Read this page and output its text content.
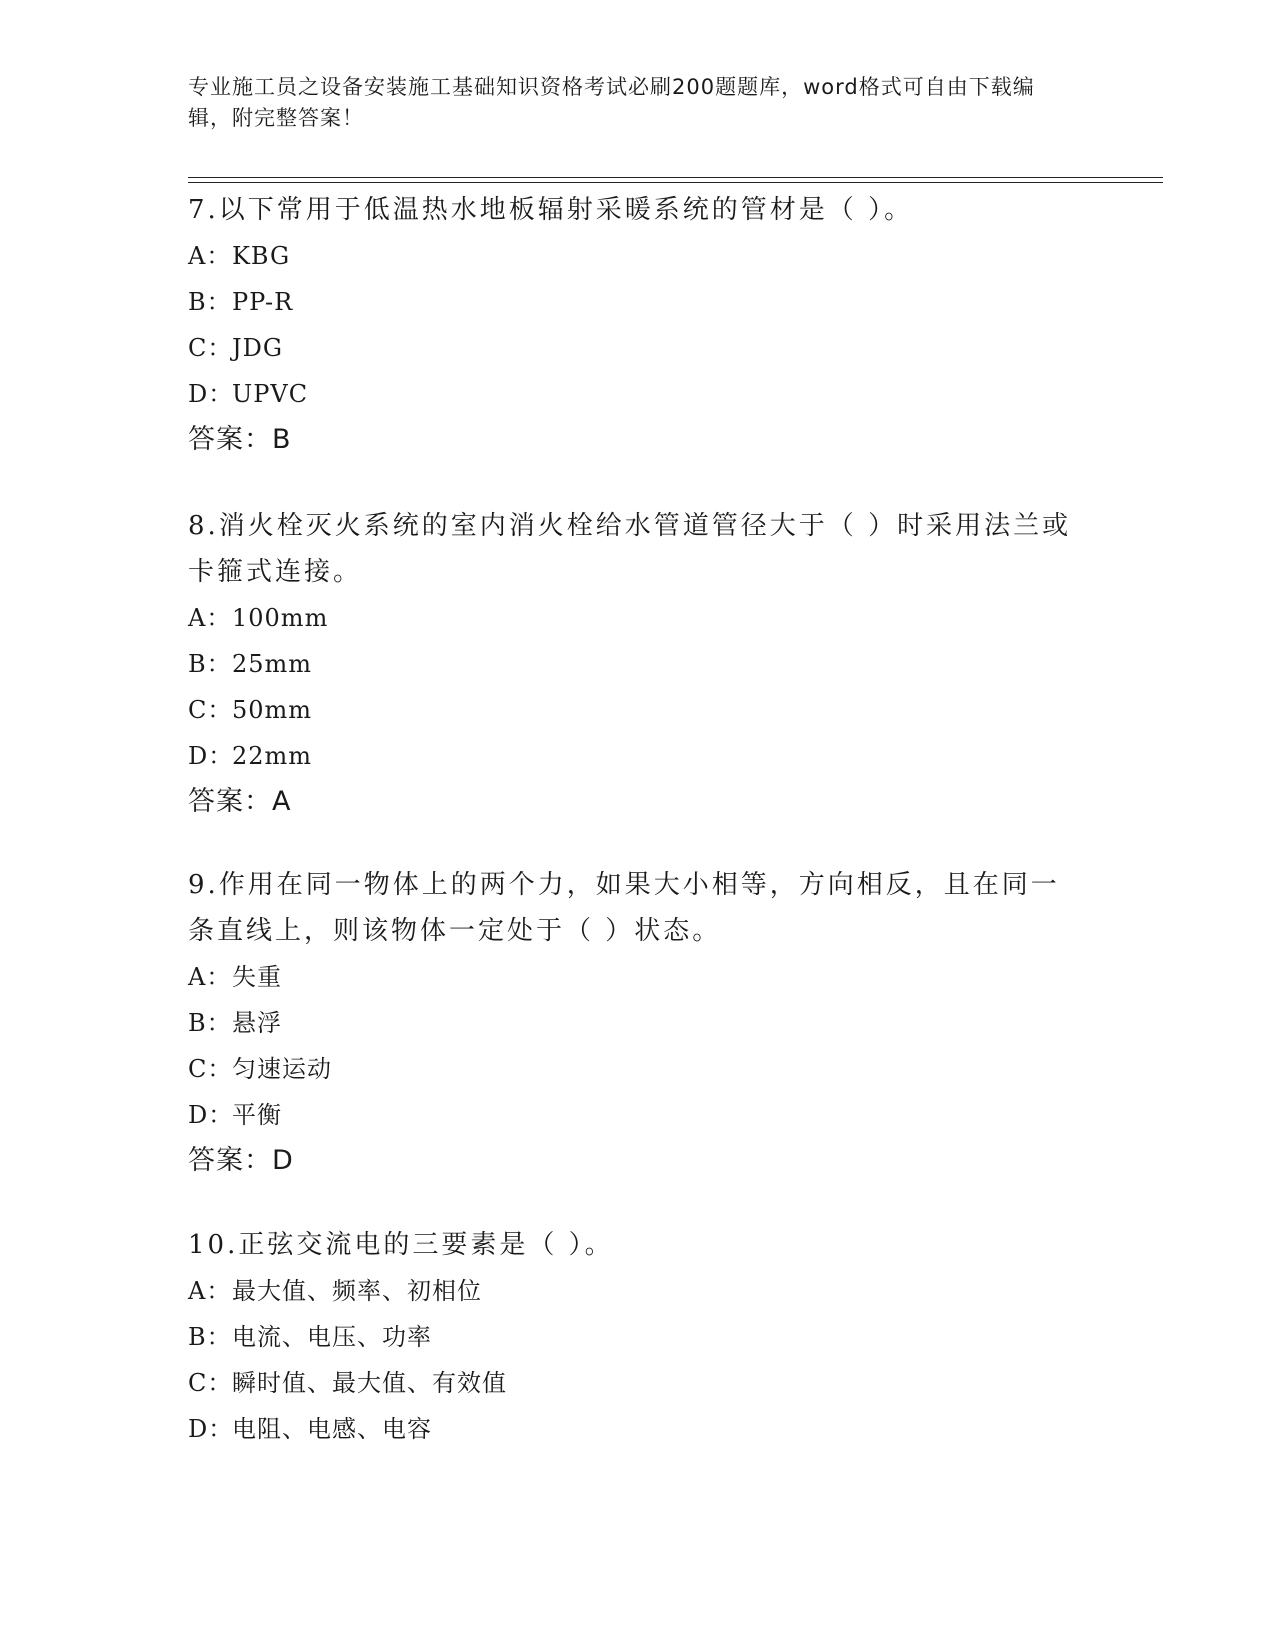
专业施工员之设备安装施工基础知识资格考试必刷200题题库，word格式可自由下载编辑，附完整答案！

7.以下常用于低温热水地板辐射采暖系统的管材是（ ）。

A：KBG

B：PP-R

C：JDG

D：UPVC

答案：B

8.消火栓灭火系统的室内消火栓给水管道管径大于（ ）时采用法兰或卡箍式连接。

A：100mm

B：25mm

C：50mm

D：22mm

答案：A

9.作用在同一物体上的两个力，如果大小相等，方向相反，且在同一条直线上，则该物体一定处于（ ）状态。

A：失重

B：悬浮

C：匀速运动

D：平衡

答案：D

10.正弦交流电的三要素是（ ）。

A：最大值、频率、初相位

B：电流、电压、功率

C：瞬时值、最大值、有效值

D：电阻、电感、电容
